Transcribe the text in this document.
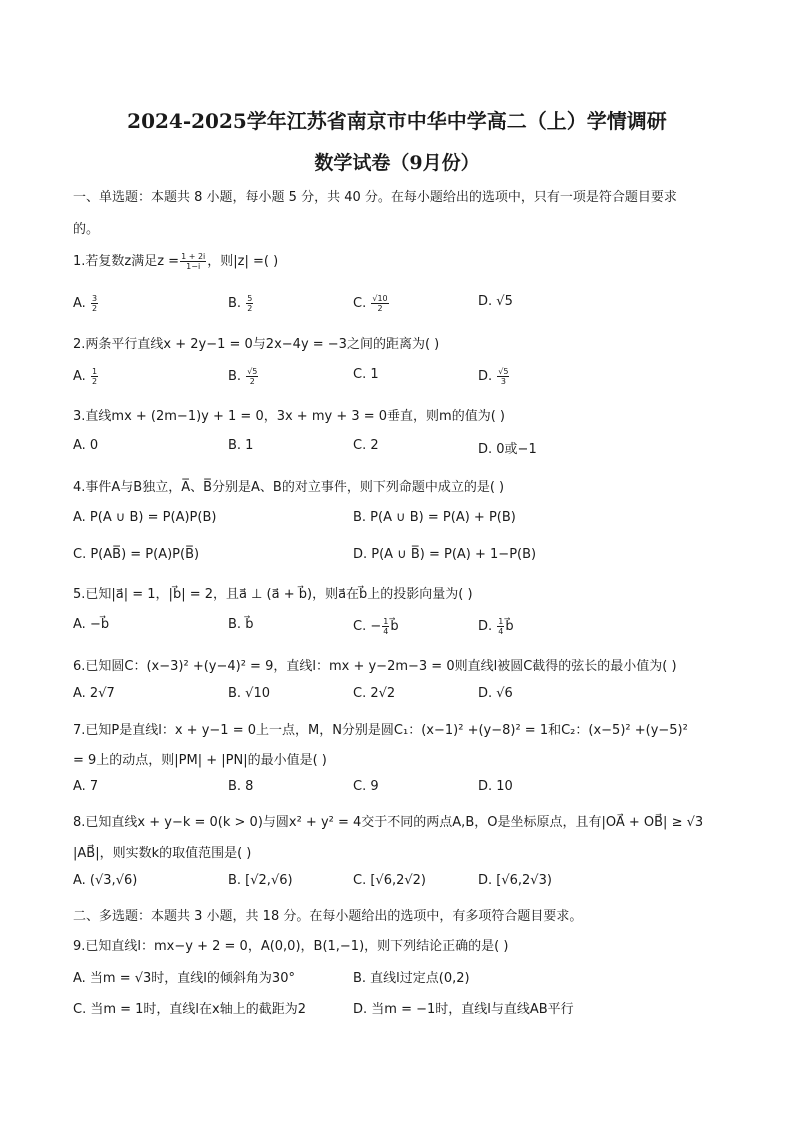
2024-2025学年江苏省南京市中华中学高二（上）学情调研
数学试卷（9月份）
一、单选题：本题共 8 小题，每小题 5 分，共 40 分。在每小题给出的选项中，只有一项是符合题目要求
的。
1.若复数z满足$z = \frac{1 + 2i}{1-i}$ ，则|z| =( )
A. $\frac{3}{2}$	B. $\frac{5}{2}$	C. $\frac{√10}{2}$	D. √5
2.两条平行直线x + 2y−1 = 0与2x−4y = −3之间的距离为( )
A. $\frac{1}{2}$	B. $\frac{√5}{2}$	C. 1	D. $\frac{√5}{3}$
3.直线mx + (2m−1)y + 1 = 0，3x + my + 3 = 0垂直，则m的值为( )
A. 0	B. 1	C. 2	D. 0或−1
4.事件A与B独立，A̅、B̅分别是A、B的对立事件，则下列命题中成立的是( )
A. P(A ∪ B) = P(A)P(B)	B. P(A ∪ B) = P(A) + P(B)
C. P(AB̅) = P(A)P(B̅)	D. P(A ∪ B̅) = P(A) + 1−P(B)
5.已知|a⃗| = 1，|b⃗| = 2，且a⃗ ⊥ (a⃗ + b⃗)，则a⃗在b⃗上的投影向量为( )
A. −b⃗	B. b⃗	C. − $\frac{1}{4}$ b⃗	D. $\frac{1}{4}$ b⃗
6.已知圆C：(x−3)² +(y−4)² = 9，直线l：mx + y−2m−3 = 0则直线l被圆C截得的弦长的最小值为( )
A. 2√7	B. √10	C. 2√2	D. √6
7.已知P是直线l：x + y−1 = 0上一点，M，N分别是圆C₁：(x−1)² +(y−8)² = 1和C₂：(x−5)² +(y−5)²
= 9上的动点，则|PM| + |PN|的最小值是( )
A. 7	B. 8	C. 9	D. 10
8.已知直线x + y−k = 0(k > 0)与圆x² + y² = 4交于不同的两点A,B，O是坐标原点，且有|OA⃗ + OB⃗| ≥ √3
|AB⃗|，则实数k的取值范围是( )
A. (√3,√6)	B. [√2,√6)	C. [√6,2√2)	D. [√6,2√3)
二、多选题：本题共 3 小题，共 18 分。在每小题给出的选项中，有多项符合题目要求。
9.已知直线l：mx−y + 2 = 0，A(0,0)，B(1,−1)，则下列结论正确的是( )
A. 当m = √3时，直线l的倾斜角为30°	B. 直线l过定点(0,2)
C. 当m = 1时，直线l在x轴上的截距为2	D. 当m = −1时，直线l与直线AB平行
